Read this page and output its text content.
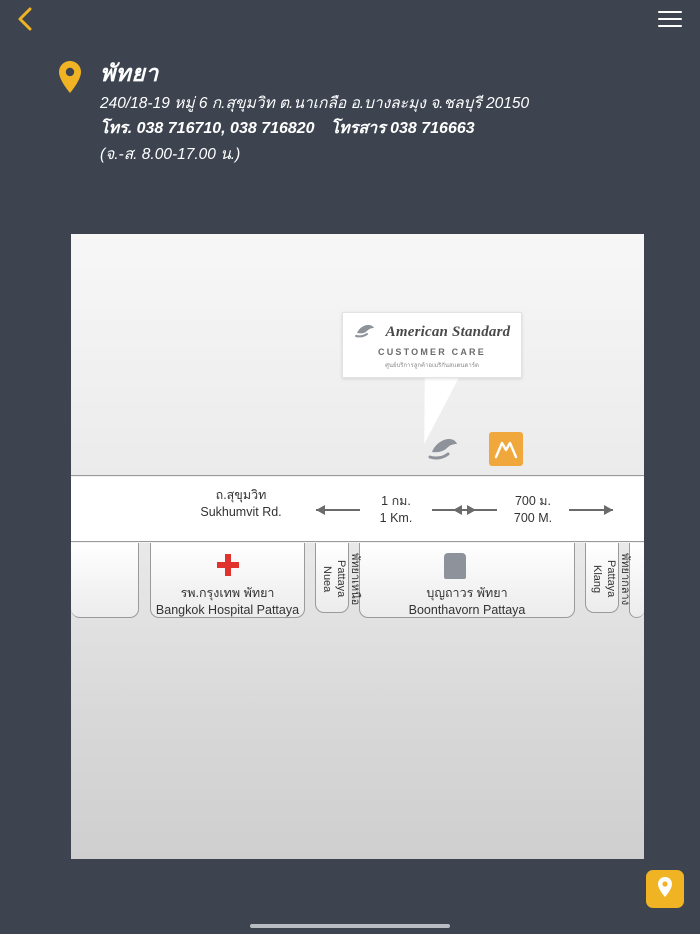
พัทยา
240/18-19 หมู่ 6 ก.สุขุมวิท ต.นาเกลือ อ.บางละมุง จ.ชลบุรี 20150
โทร. 038 716710, 038 716820 โทรสาร 038 716663
(จ.-ส. 8.00-17.00 น.)
American Standard
CUSTOMER CARE
ศูนย์บริการลูกค้าอเมริกันสแตนดาร์ด
ถ.สุขุมวิท
Sukhumvit Rd.
1 กม.
1 Km.
700 ม.
700 M.
รพ.กรุงเทพ พัทยา
Bangkok Hospital Pattaya
บุญถาวร พัทยา
Boonthavorn Pattaya
พัทยาเหนือ Pattaya Nuea	พัทยากลาง Pattaya Klang
